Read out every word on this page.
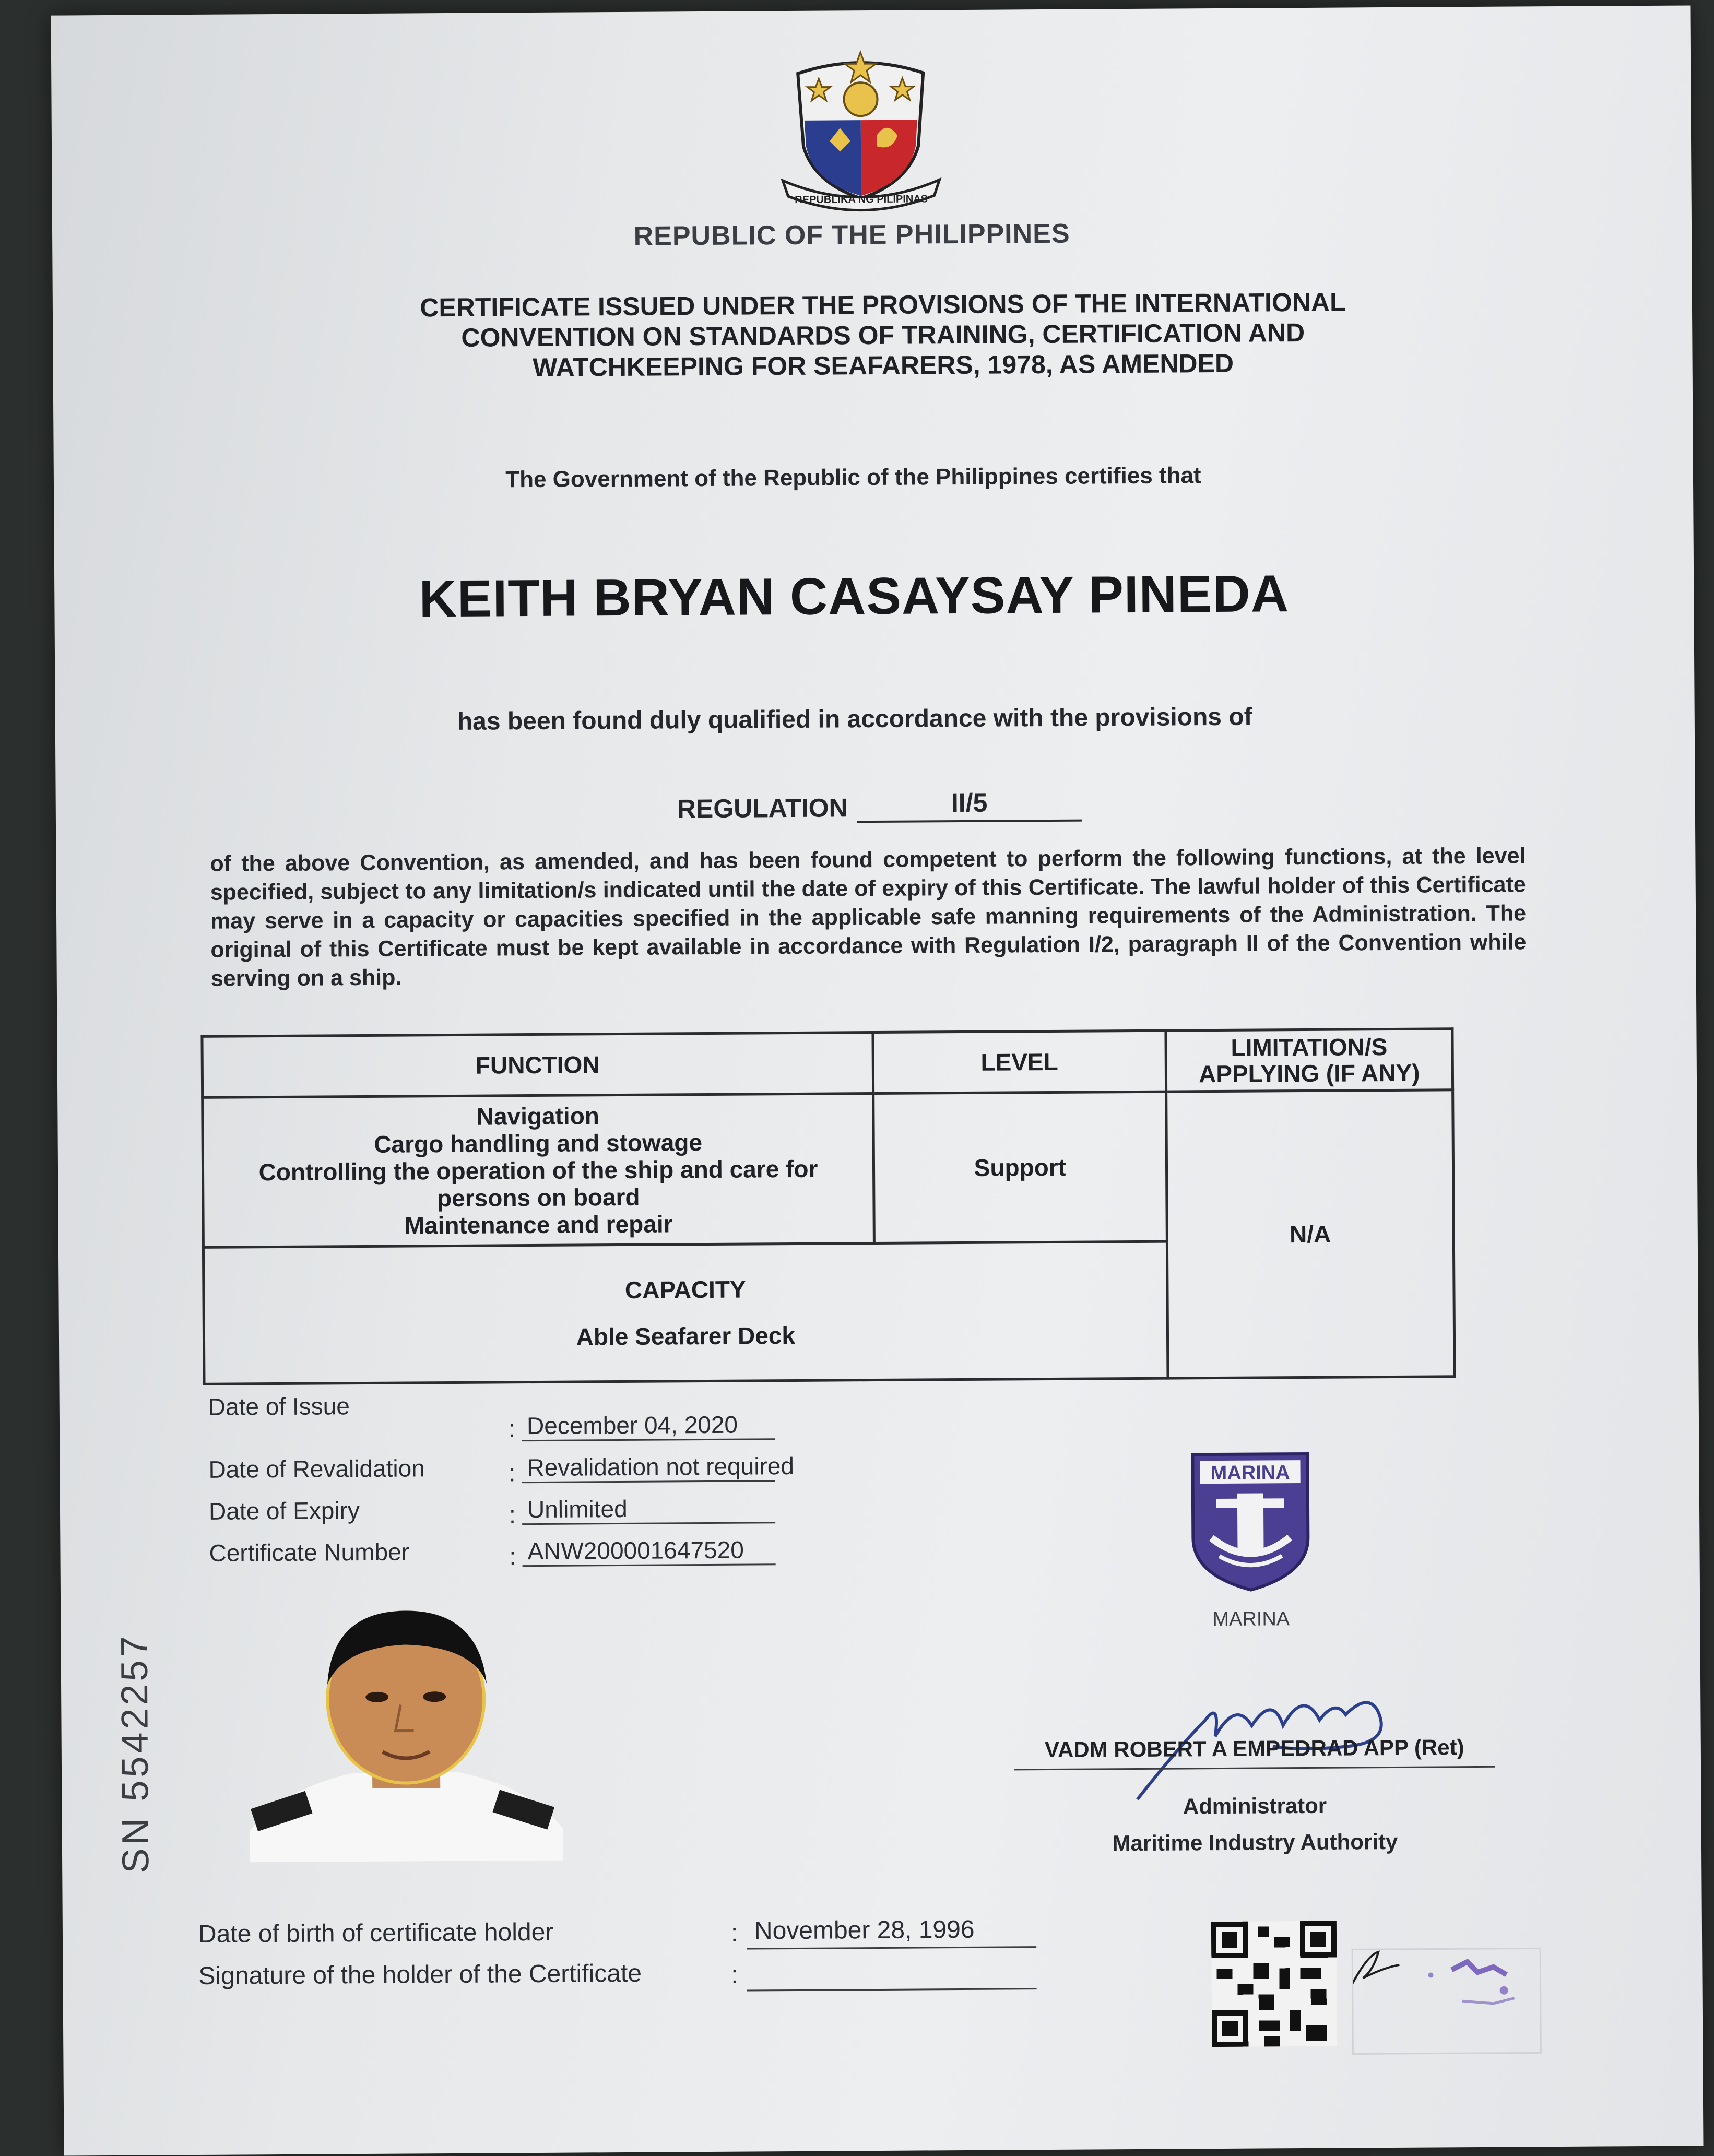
REPUBLIKA NG PILIPINAS
REPUBLIC OF THE PHILIPPINES
CERTIFICATE ISSUED UNDER THE PROVISIONS OF THE INTERNATIONAL
CONVENTION ON STANDARDS OF TRAINING, CERTIFICATION AND
WATCHKEEPING FOR SEAFARERS, 1978, AS AMENDED
The Government of the Republic of the Philippines certifies that
KEITH BRYAN CASAYSAY PINEDA
has been found duly qualified in accordance with the provisions of
REGULATION	II/5
of the above Convention, as amended, and has been found competent to perform the following functions, at the level specified, subject to any limitation/s indicated until the date of expiry of this Certificate. The lawful holder of this Certificate may serve in a capacity or capacities specified in the applicable safe manning requirements of the Administration. The original of this Certificate must be kept available in accordance with Regulation I/2, paragraph II of the Convention while serving on a ship.
FUNCTION	LEVEL	LIMITATION/S APPLYING (IF ANY)

Navigation
Cargo handling and stowage
Controlling the operation of the ship and care for persons on board
Maintenance and repair	Support	N/A

CAPACITY
Able Seafarer Deck		
Date of Issue
: December 04, 2020
Date of Revalidation	: Revalidation not required
Date of Expiry	: Unlimited
Certificate Number	: ANW200001647520
MARINA
MARINA
VADM ROBERT A EMPEDRAD APP (Ret)
Administrator
Maritime Industry Authority
Date of birth of certificate holder	: November 28, 1996
Signature of the holder of the Certificate	:
SN 5542257
